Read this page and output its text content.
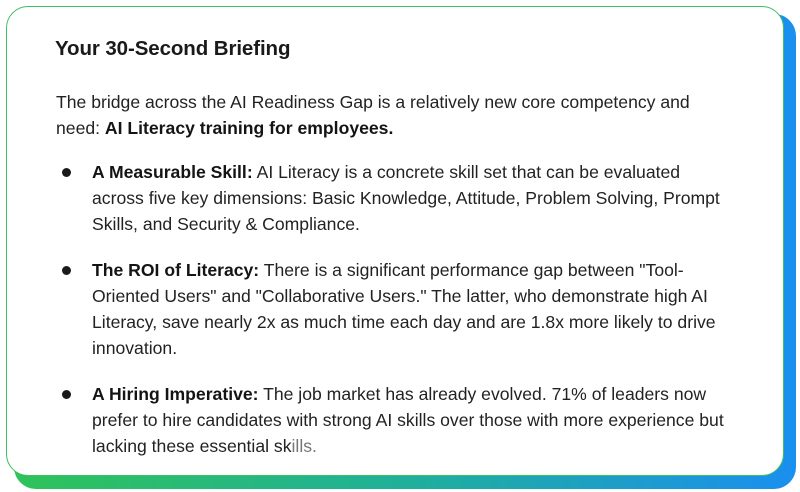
Your 30-Second Briefing

The bridge across the AI Readiness Gap is a relatively new core competency and need: AI Literacy training for employees.

A Measurable Skill: AI Literacy is a concrete skill set that can be evaluated across five key dimensions: Basic Knowledge, Attitude, Problem Solving, Prompt Skills, and Security & Compliance.

The ROI of Literacy: There is a significant performance gap between "Tool-Oriented Users" and "Collaborative Users." The latter, who demonstrate high AI Literacy, save nearly 2x as much time each day and are 1.8x more likely to drive innovation.

A Hiring Imperative: The job market has already evolved. 71% of leaders now prefer to hire candidates with strong AI skills over those with more experience but lacking these essential skills.
